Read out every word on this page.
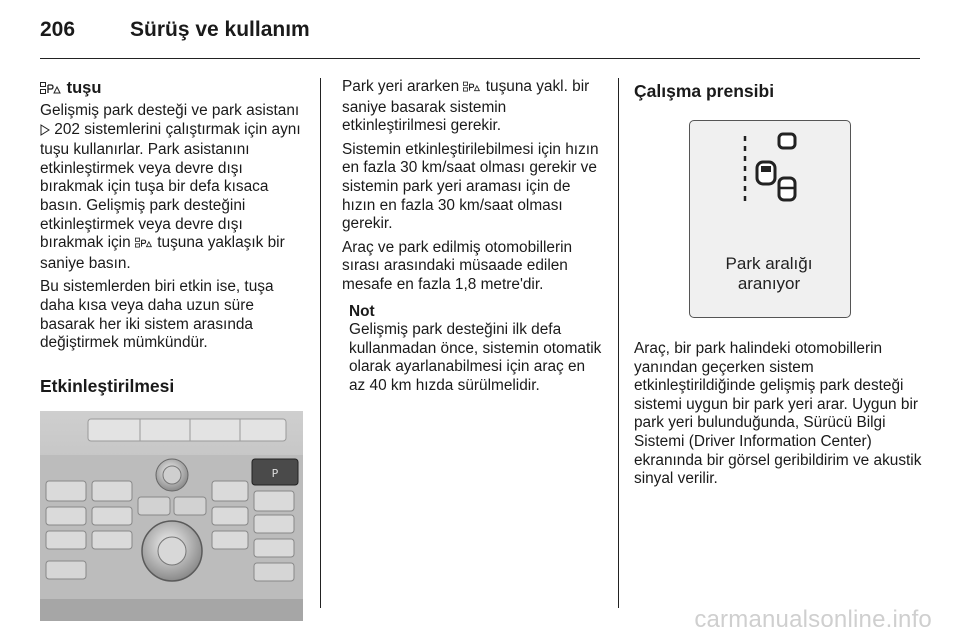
206	Sürüş ve kullanım
tuşu

Gelişmiş park desteği ve park asistanı
202 sistemlerini çalıştırmak için aynı tuşu kullanırlar. Park asistanını etkinleştirmek veya devre dışı bırakmak için tuşa bir defa kısaca basın. Gelişmiş park desteğini etkinleştirmek veya devre dışı bırakmak için tuşuna yaklaşık bir saniye basın.

Bu sistemlerden biri etkin ise, tuşa daha kısa veya daha uzun süre basarak her iki sistem arasında değiştirmek mümkündür.

Etkinleştirilmesi
P

Park yeri ararken tuşuna yakl. bir saniye basarak sistemin etkinleştirilmesi gerekir.

Sistemin etkinleştirilebilmesi için hızın en fazla 30 km/saat olması gerekir ve sistemin park yeri araması için de hızın en fazla 30 km/saat olması gerekir.

Araç ve park edilmiş otomobillerin sırası arasındaki müsaade edilen mesafe en fazla 1,8 metre'dir.

Not
Gelişmiş park desteğini ilk defa kullanmadan önce, sistemin otomatik olarak ayarlanabilmesi için araç en az 40 km hızda sürülmelidir.
Çalışma prensibi
Park aralığı
aranıyor

Araç, bir park halindeki otomobillerin yanından geçerken sistem etkinleştirildiğinde gelişmiş park desteği sistemi uygun bir park yeri arar. Uygun bir park yeri bulunduğunda, Sürücü Bilgi Sistemi (Driver Information Center) ekranında bir görsel geribildirim ve akustik sinyal verilir.

carmanualsonline.info
